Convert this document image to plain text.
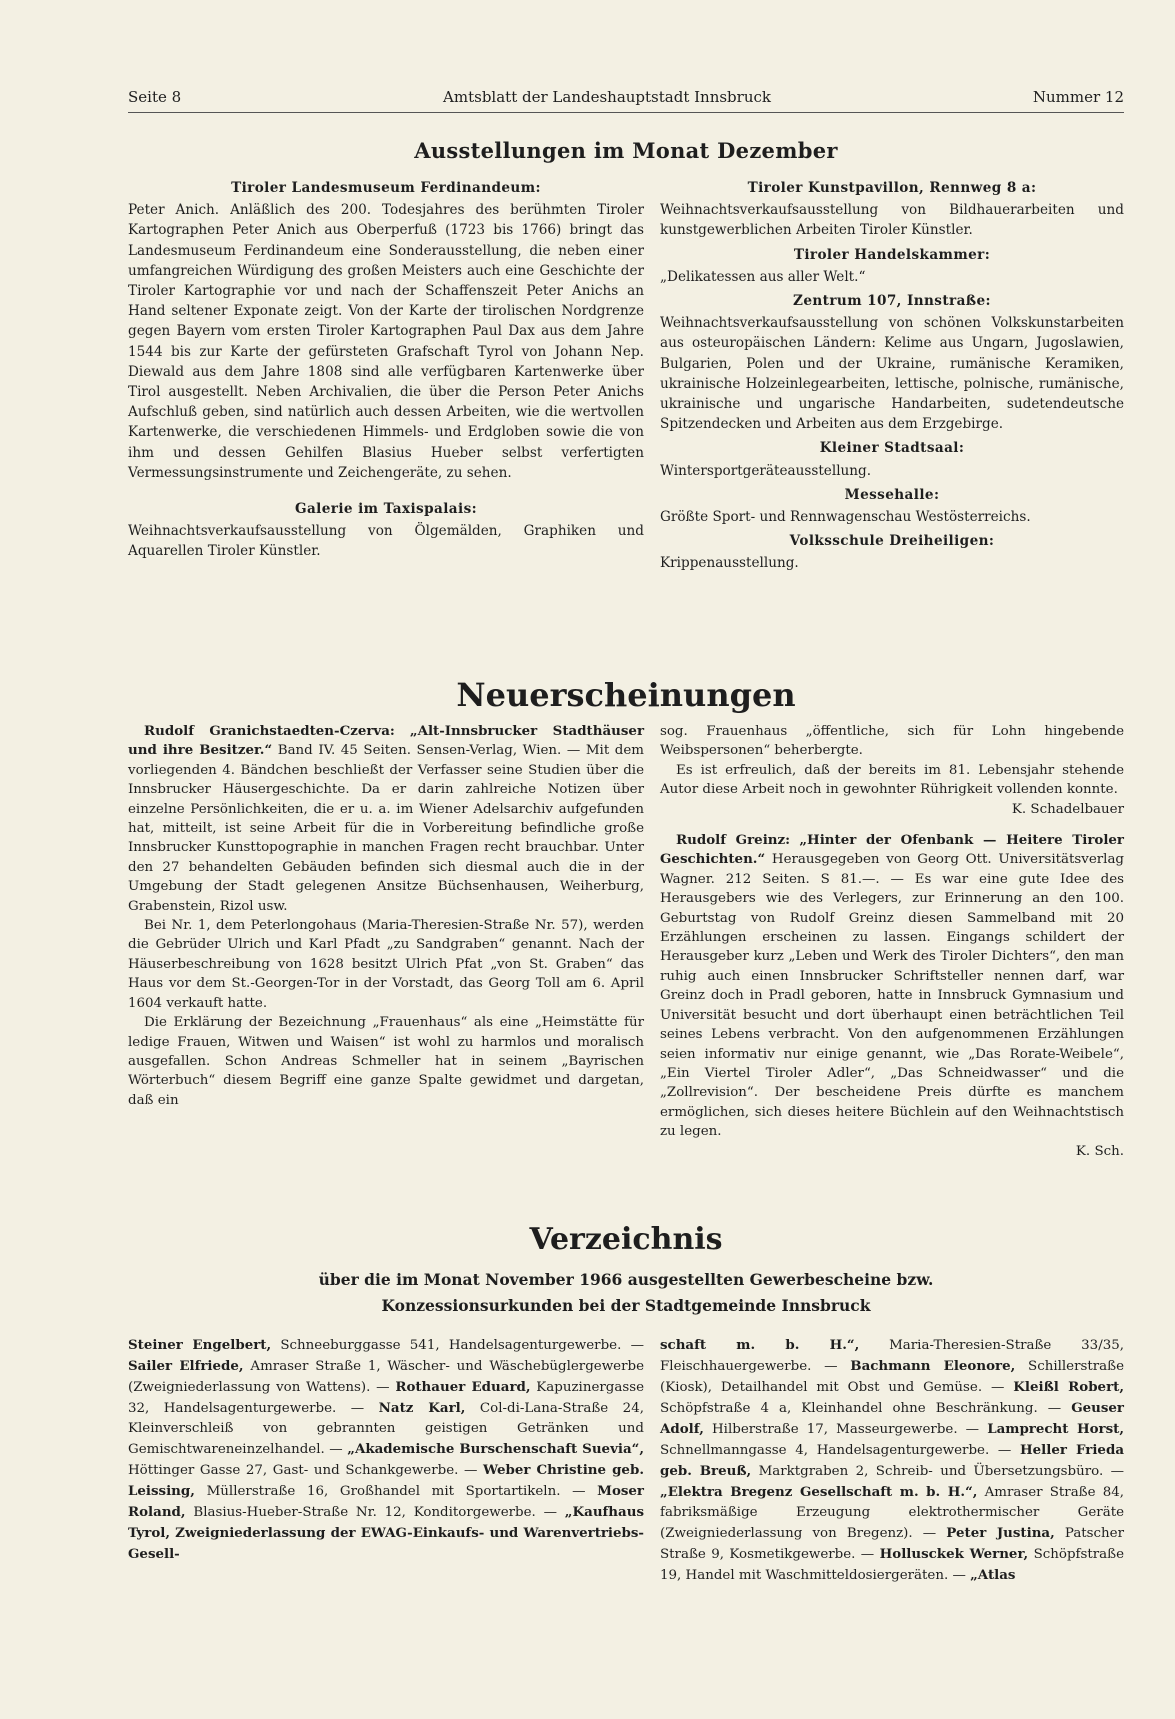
Seite 8	Amtsblatt der Landeshauptstadt Innsbruck	Nummer 12
Ausstellungen im Monat Dezember
Tiroler Landesmuseum Ferdinandeum:

Peter Anich. Anläßlich des 200. Todesjahres des berühmten Tiroler Kartographen Peter Anich aus Oberperfuß (1723 bis 1766) bringt das Landesmuseum Ferdinandeum eine Sonderausstellung, die neben einer umfangreichen Würdigung des großen Meisters auch eine Geschichte der Tiroler Kartographie vor und nach der Schaffenszeit Peter Anichs an Hand seltener Exponate zeigt. Von der Karte der tirolischen Nordgrenze gegen Bayern vom ersten Tiroler Kartographen Paul Dax aus dem Jahre 1544 bis zur Karte der gefürsteten Grafschaft Tyrol von Johann Nep. Diewald aus dem Jahre 1808 sind alle verfügbaren Kartenwerke über Tirol ausgestellt. Neben Archivalien, die über die Person Peter Anichs Aufschluß geben, sind natürlich auch dessen Arbeiten, wie die wertvollen Kartenwerke, die verschiedenen Himmels- und Erdgloben sowie die von ihm und dessen Gehilfen Blasius Hueber selbst verfertigten Vermessungsinstrumente und Zeichengeräte, zu sehen.

Galerie im Taxispalais:

Weihnachtsverkaufsausstellung von Ölgemälden, Graphiken und Aquarellen Tiroler Künstler.

Tiroler Kunstpavillon, Rennweg 8 a:

Weihnachtsverkaufsausstellung von Bildhauerarbeiten und kunstgewerblichen Arbeiten Tiroler Künstler.

Tiroler Handelskammer:

„Delikatessen aus aller Welt.“

Zentrum 107, Innstraße:

Weihnachtsverkaufsausstellung von schönen Volkskunstarbeiten aus osteuropäischen Ländern: Kelime aus Ungarn, Jugoslawien, Bulgarien, Polen und der Ukraine, rumänische Keramiken, ukrainische Holzeinlegearbeiten, lettische, polnische, rumänische, ukrainische und ungarische Handarbeiten, sudetendeutsche Spitzendecken und Arbeiten aus dem Erzgebirge.

Kleiner Stadtsaal:

Wintersportgeräteausstellung.

Messehalle:

Größte Sport- und Rennwagenschau Westösterreichs.

Volksschule Dreiheiligen:

Krippenausstellung.

Neuerscheinungen

Rudolf Granichstaedten-Czerva: „Alt-Innsbrucker Stadthäuser und ihre Besitzer.“ Band IV. 45 Seiten. Sensen-Verlag, Wien. — Mit dem vorliegenden 4. Bändchen beschließt der Verfasser seine Studien über die Innsbrucker Häusergeschichte. Da er darin zahlreiche Notizen über einzelne Persönlichkeiten, die er u. a. im Wiener Adelsarchiv aufgefunden hat, mitteilt, ist seine Arbeit für die in Vorbereitung befindliche große Innsbrucker Kunsttopographie in manchen Fragen recht brauchbar. Unter den 27 behandelten Gebäuden befinden sich diesmal auch die in der Umgebung der Stadt gelegenen Ansitze Büchsenhausen, Weiherburg, Grabenstein, Rizol usw.

Bei Nr. 1, dem Peterlongohaus (Maria-Theresien-Straße Nr. 57), werden die Gebrüder Ulrich und Karl Pfadt „zu Sandgraben“ genannt. Nach der Häuserbeschreibung von 1628 besitzt Ulrich Pfat „von St. Graben“ das Haus vor dem St.-Georgen-Tor in der Vorstadt, das Georg Toll am 6. April 1604 verkauft hatte.

Die Erklärung der Bezeichnung „Frauenhaus“ als eine „Heimstätte für ledige Frauen, Witwen und Waisen“ ist wohl zu harmlos und moralisch ausgefallen. Schon Andreas Schmeller hat in seinem „Bayrischen Wörterbuch“ diesem Begriff eine ganze Spalte gewidmet und dargetan, daß ein

sog. Frauenhaus „öffentliche, sich für Lohn hingebende Weibspersonen“ beherbergte.

Es ist erfreulich, daß der bereits im 81. Lebensjahr stehende Autor diese Arbeit noch in gewohnter Rührigkeit vollenden konnte.

K. Schadelbauer

Rudolf Greinz: „Hinter der Ofenbank — Heitere Tiroler Geschichten.“ Herausgegeben von Georg Ott. Universitätsverlag Wagner. 212 Seiten. S 81.—. — Es war eine gute Idee des Herausgebers wie des Verlegers, zur Erinnerung an den 100. Geburtstag von Rudolf Greinz diesen Sammelband mit 20 Erzählungen erscheinen zu lassen. Eingangs schildert der Herausgeber kurz „Leben und Werk des Tiroler Dichters“, den man ruhig auch einen Innsbrucker Schriftsteller nennen darf, war Greinz doch in Pradl geboren, hatte in Innsbruck Gymnasium und Universität besucht und dort überhaupt einen beträchtlichen Teil seines Lebens verbracht. Von den aufgenommenen Erzählungen seien informativ nur einige genannt, wie „Das Rorate-Weibele“, „Ein Viertel Tiroler Adler“, „Das Schneidwasser“ und die „Zollrevision“. Der bescheidene Preis dürfte es manchem ermöglichen, sich dieses heitere Büchlein auf den Weihnachtstisch zu legen.

K. Sch.

Verzeichnis
über die im Monat November 1966 ausgestellten Gewerbescheine bzw.
Konzessionsurkunden bei der Stadtgemeinde Innsbruck

Steiner Engelbert, Schneeburggasse 541, Handelsagenturgewerbe. — Sailer Elfriede, Amraser Straße 1, Wäscher- und Wäschebüglergewerbe (Zweigniederlassung von Wattens). — Rothauer Eduard, Kapuzinergasse 32, Handelsagenturgewerbe. — Natz Karl, Col-di-Lana-Straße 24, Kleinverschleiß von gebrannten geistigen Getränken und Gemischtwareneinzelhandel. — „Akademische Burschenschaft Suevia“, Höttinger Gasse 27, Gast- und Schankgewerbe. — Weber Christine geb. Leissing, Müllerstraße 16, Großhandel mit Sportartikeln. — Moser Roland, Blasius-Hueber-Straße Nr. 12, Konditorgewerbe. — „Kaufhaus Tyrol, Zweigniederlassung der EWAG-Einkaufs- und Warenvertriebs-Gesell-

schaft m. b. H.“, Maria-Theresien-Straße 33/35, Fleischhauergewerbe. — Bachmann Eleonore, Schillerstraße (Kiosk), Detailhandel mit Obst und Gemüse. — Kleißl Robert, Schöpfstraße 4 a, Kleinhandel ohne Beschränkung. — Geuser Adolf, Hilberstraße 17, Masseurgewerbe. — Lamprecht Horst, Schnellmanngasse 4, Handelsagenturgewerbe. — Heller Frieda geb. Breuß, Marktgraben 2, Schreib- und Übersetzungsbüro. — „Elektra Bregenz Gesellschaft m. b. H.“, Amraser Straße 84, fabriksmäßige Erzeugung elektrothermischer Geräte (Zweigniederlassung von Bregenz). — Peter Justina, Patscher Straße 9, Kosmetikgewerbe. — Hollusckek Werner, Schöpfstraße 19, Handel mit Waschmitteldosiergeräten. — „Atlas
